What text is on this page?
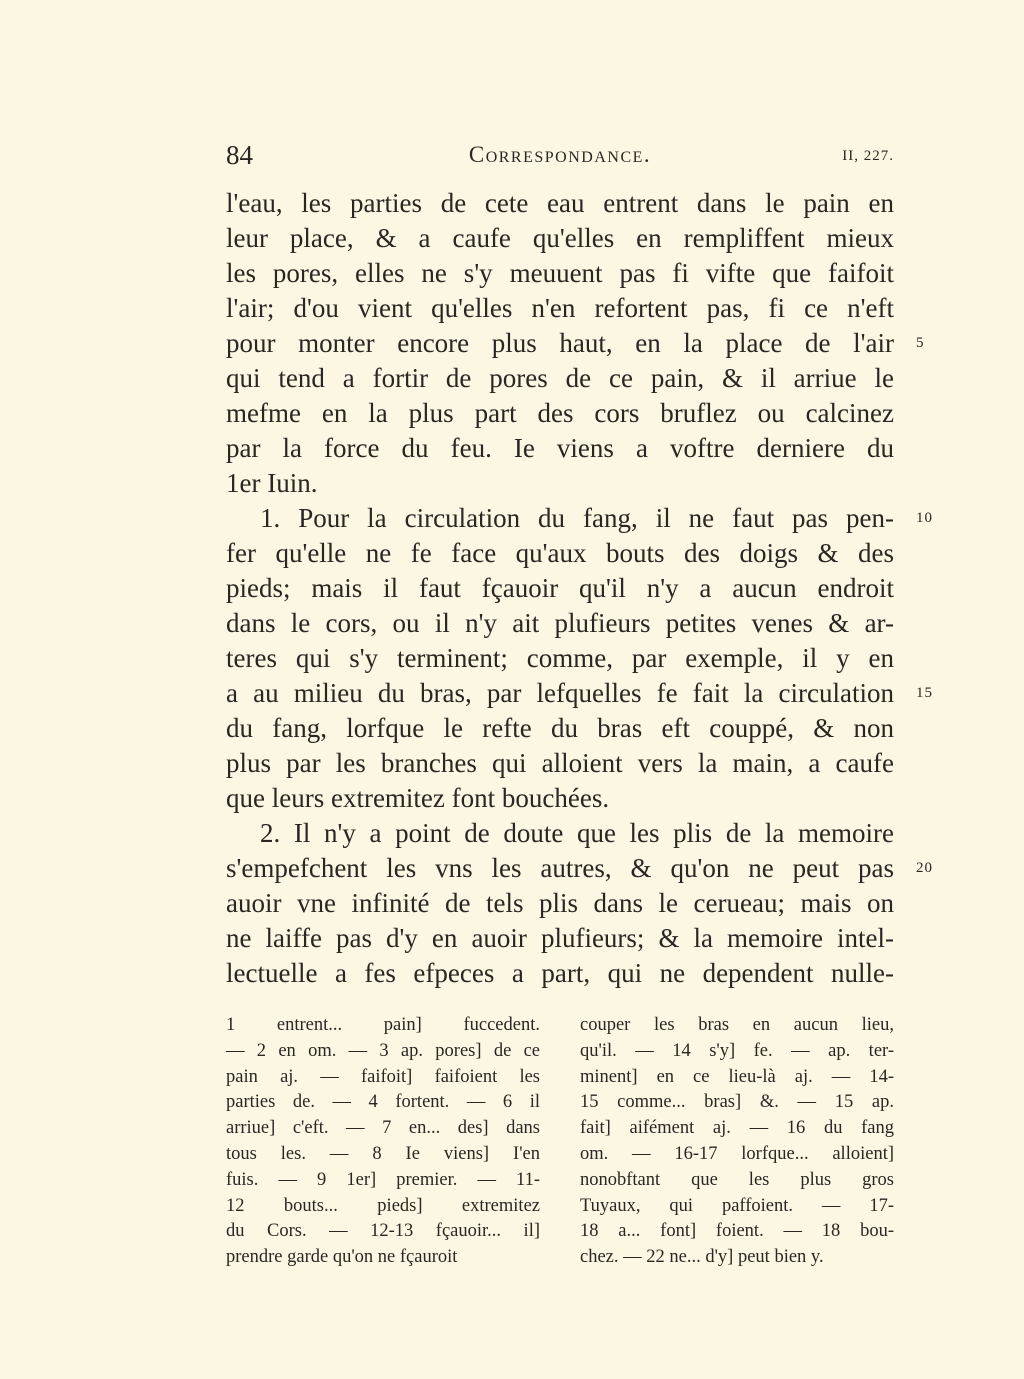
84	Correspondance.	II, 227.
l'eau, les parties de cete eau entrent dans le pain en
leur place, & a caufe qu'elles en rempliffent mieux
les pores, elles ne s'y meuuent pas fi vifte que faifoit
l'air; d'ou vient qu'elles n'en refortent pas, fi ce n'eft
pour monter encore plus haut, en la place de l'air 5
qui tend a fortir de pores de ce pain, & il arriue le
mefme en la plus part des cors bruflez ou calcinez
par la force du feu. Ie viens a voftre derniere du
1er Iuin.
1. Pour la circulation du fang, il ne faut pas pen- 10
fer qu'elle ne fe face qu'aux bouts des doigs & des
pieds; mais il faut fçauoir qu'il n'y a aucun endroit
dans le cors, ou il n'y ait plufieurs petites venes & ar-
teres qui s'y terminent; comme, par exemple, il y en
a au milieu du bras, par lefquelles fe fait la circulation 15
du fang, lorfque le refte du bras eft couppé, & non
plus par les branches qui alloient vers la main, a caufe
que leurs extremitez font bouchées.
2. Il n'y a point de doute que les plis de la memoire
s'empefchent les vns les autres, & qu'on ne peut pas 20
auoir vne infinité de tels plis dans le cerueau; mais on
ne laiffe pas d'y en auoir plufieurs; & la memoire intel-
lectuelle a fes efpeces a part, qui ne dependent nulle-
1 entrent... pain] fuccedent.
— 2 en om. — 3 ap. pores] de ce
pain aj. — faifoit] faifoient les
parties de. — 4 fortent. — 6 il
arriue] c'eft. — 7 en... des] dans
tous les. — 8 Ie viens] I'en
fuis. — 9 1er] premier. — 11-
12 bouts... pieds] extremitez
du Cors. — 12-13 fçauoir... il]
prendre garde qu'on ne fçauroit
couper les bras en aucun lieu,
qu'il. — 14 s'y] fe. — ap. ter-
minent] en ce lieu-là aj. — 14-
15 comme... bras] &. — 15 ap.
fait] aifément aj. — 16 du fang
om. — 16-17 lorfque... alloient]
nonobftant que les plus gros
Tuyaux, qui paffoient. — 17-
18 a... font] foient. — 18 bou-
chez. — 22 ne... d'y] peut bien y.
